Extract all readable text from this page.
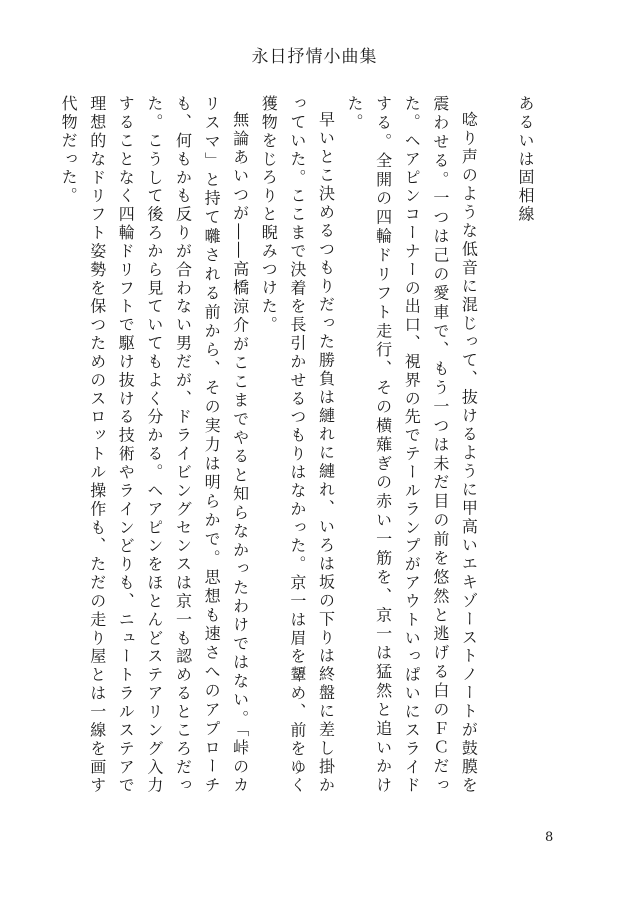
永日抒情小曲集

あるいは固相線

唸り声のような低音に混じって、抜けるように甲高いエキゾーストノートが鼓膜を震わせる。一つは己の愛車で、もう一つは未だ目の前を悠然と逃げる白のＦＣだった。ヘアピンコーナーの出口、視界の先でテールランプがアウトいっぱいにスライドする。全開の四輪ドリフト走行、その横薙ぎの赤い一筋を、京一は猛然と追いかけた。

早いとこ決めるつもりだった勝負は縺れに縺れ、いろは坂の下りは終盤に差し掛かっていた。ここまで決着を長引かせるつもりはなかった。京一は眉を顰め、前をゆく獲物をじろりと睨みつけた。

無論あいつが――高橋涼介がここまでやると知らなかったわけではない。「峠のカリスマ」と持て囃される前から、その実力は明らかで。思想も速さへのアプローチも、何もかも反りが合わない男だが、ドライビングセンスは京一も認めるところだった。こうして後ろから見ていてもよく分かる。ヘアピンをほとんどステアリング入力することなく四輪ドリフトで駆け抜ける技術やラインどりも、ニュートラルステアで理想的なドリフト姿勢を保つためのスロットル操作も、ただの走り屋とは一線を画す代物だった。

8
